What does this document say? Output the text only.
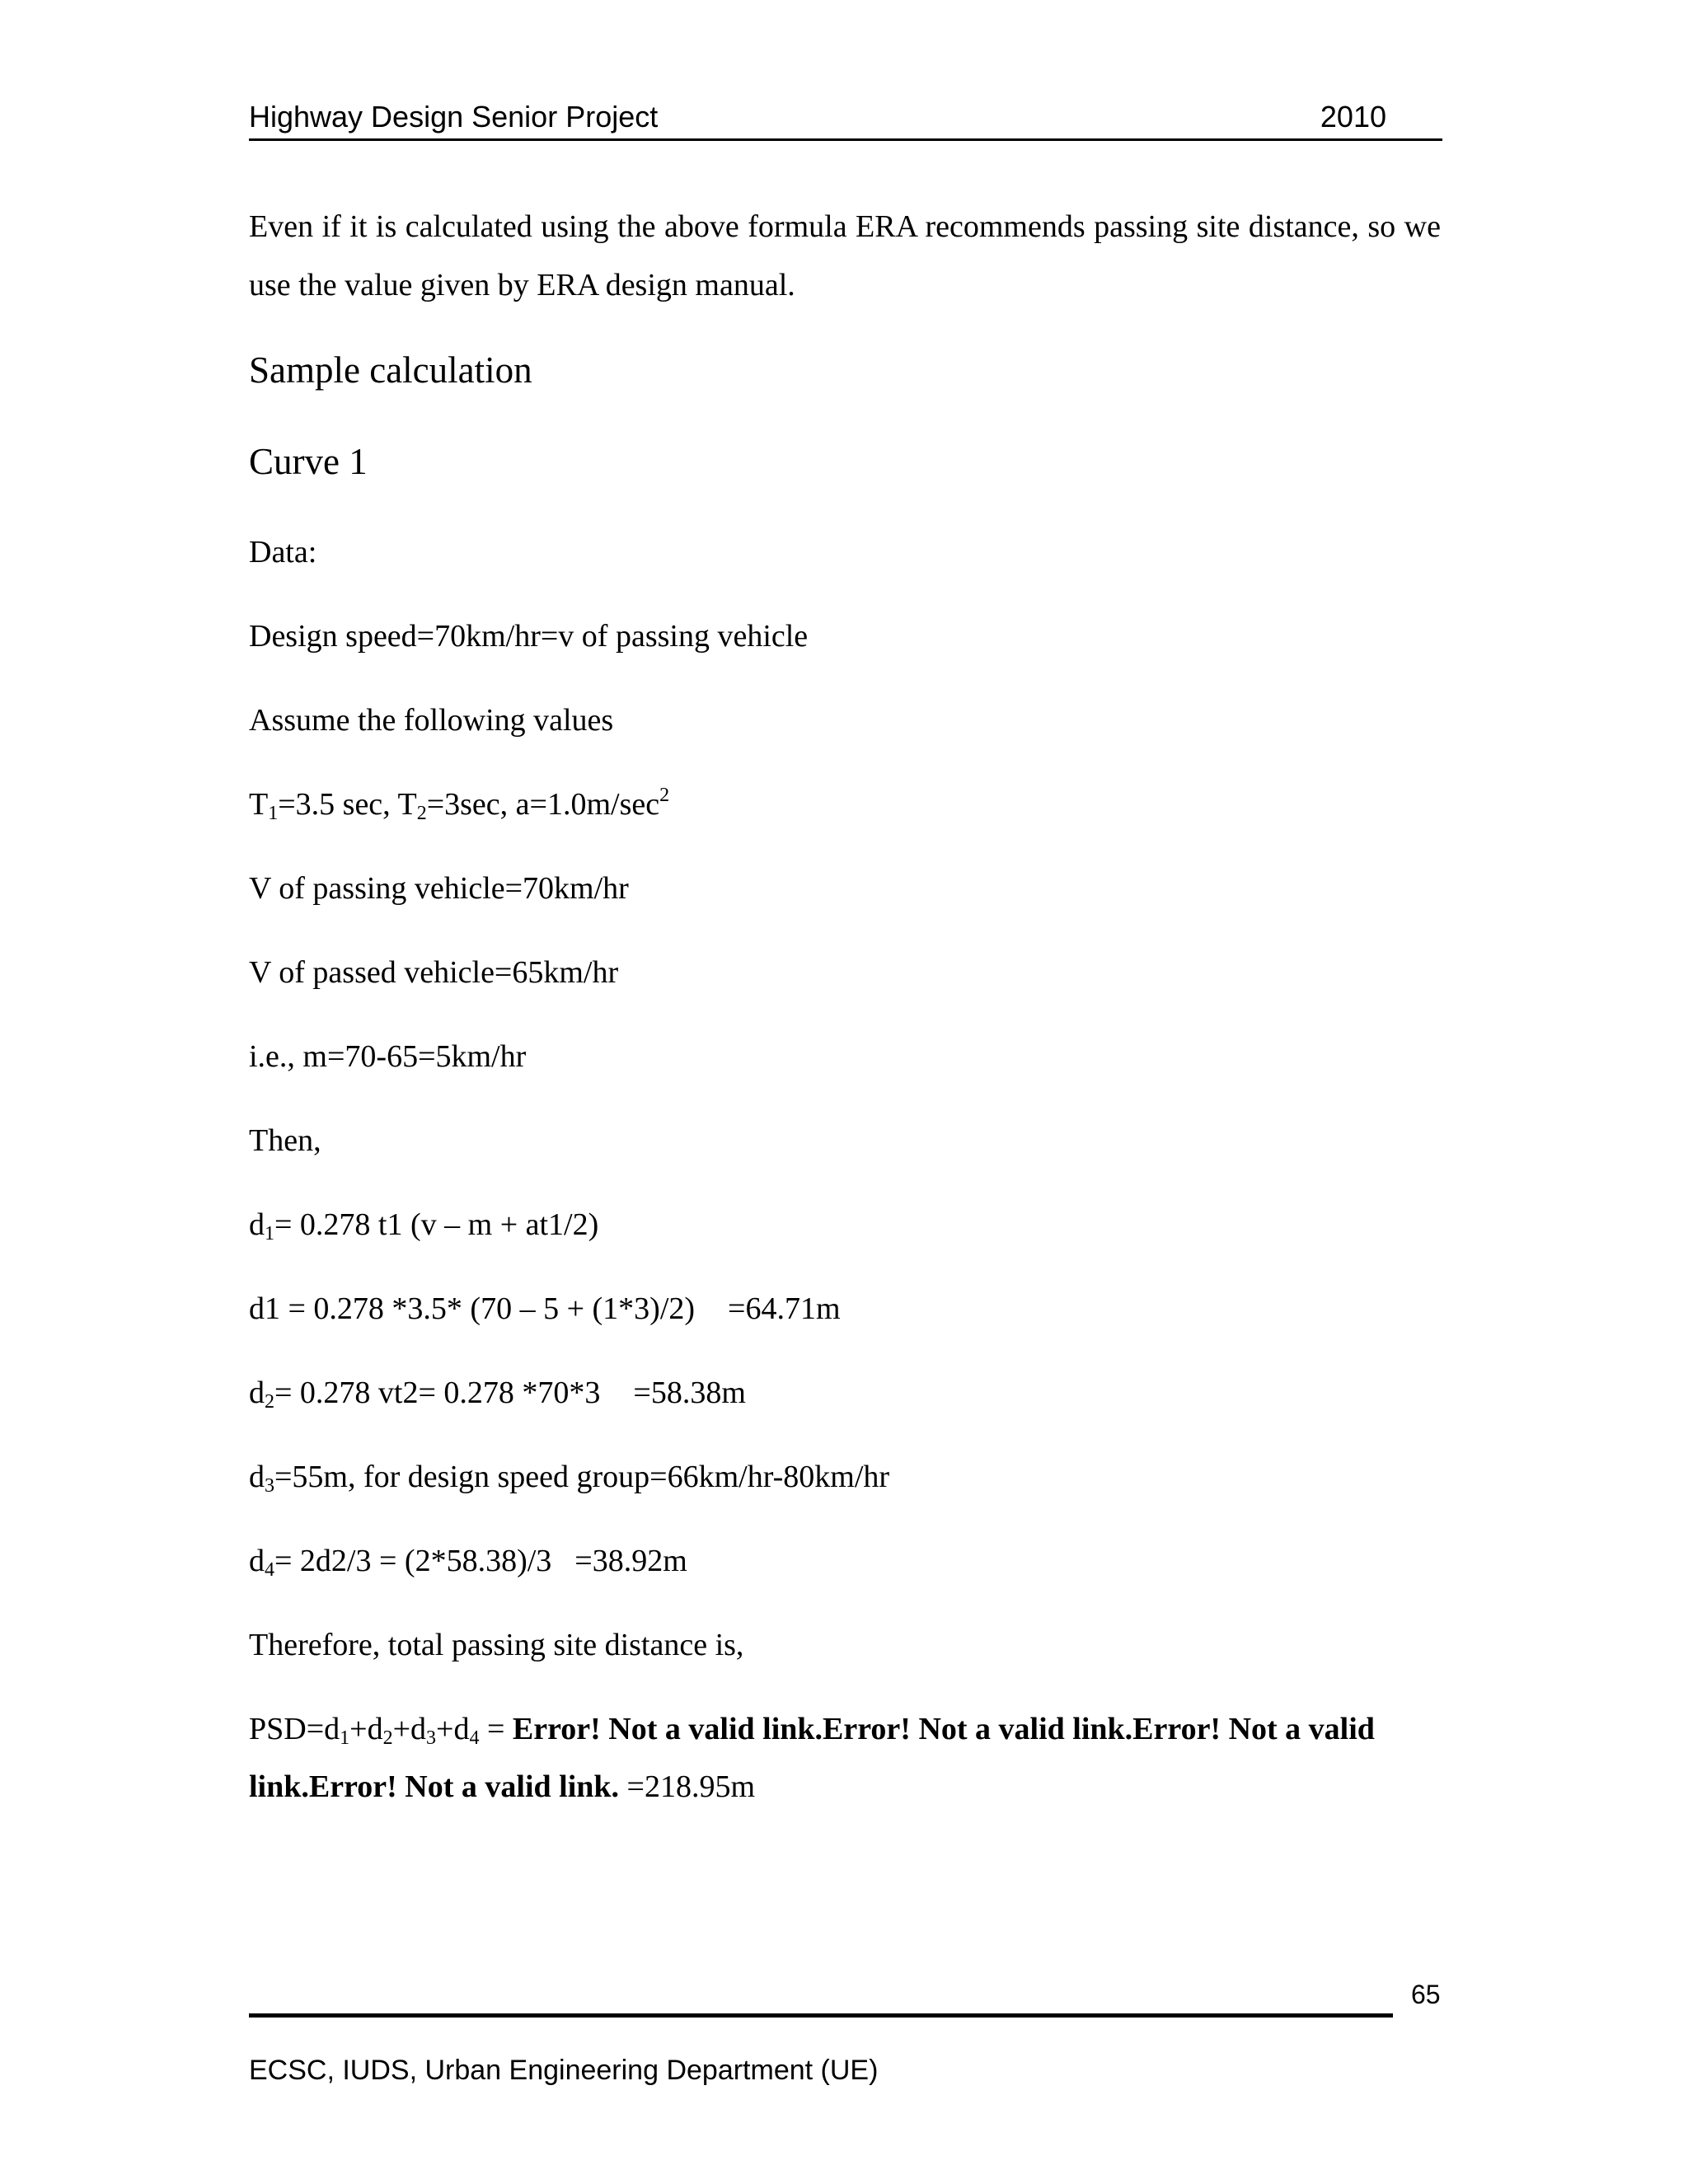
Highway Design Senior Project	2010
Even if it is calculated using the above formula ERA recommends passing site distance, so we use the value given by ERA design manual.
Sample calculation
Curve 1
Data:
Design speed=70km/hr=v of passing vehicle
Assume the following values
$T_1=3.5$ sec, $T_2=3\sec$, $a=1.0m/\sec^2$
V of passing vehicle=70km/hr
V of passed vehicle=65km/hr
i.e., m=70-65=5km/hr
Then,
$d_1= 0.278$ t1 (v – m + at1/2)
d1 = 0.278 *3.5* (70 – 5 + (1*3)/2) =64.71m
$d_2= 0.278$ vt2= 0.278 *70*3 =58.38m
$d_3=55m$, for design speed group=66km/hr-80km/hr
$d_4= 2d2/3 = (2*58.38)/3 =38.92m$
Therefore, total passing site distance is,
$PSD=d_1+d_2+d_3+d_4$ = Error! Not a valid link.Error! Not a valid link.Error! Not a valid
link.Error! Not a valid link. =218.95m
65
ECSC, IUDS, Urban Engineering Department (UE)
